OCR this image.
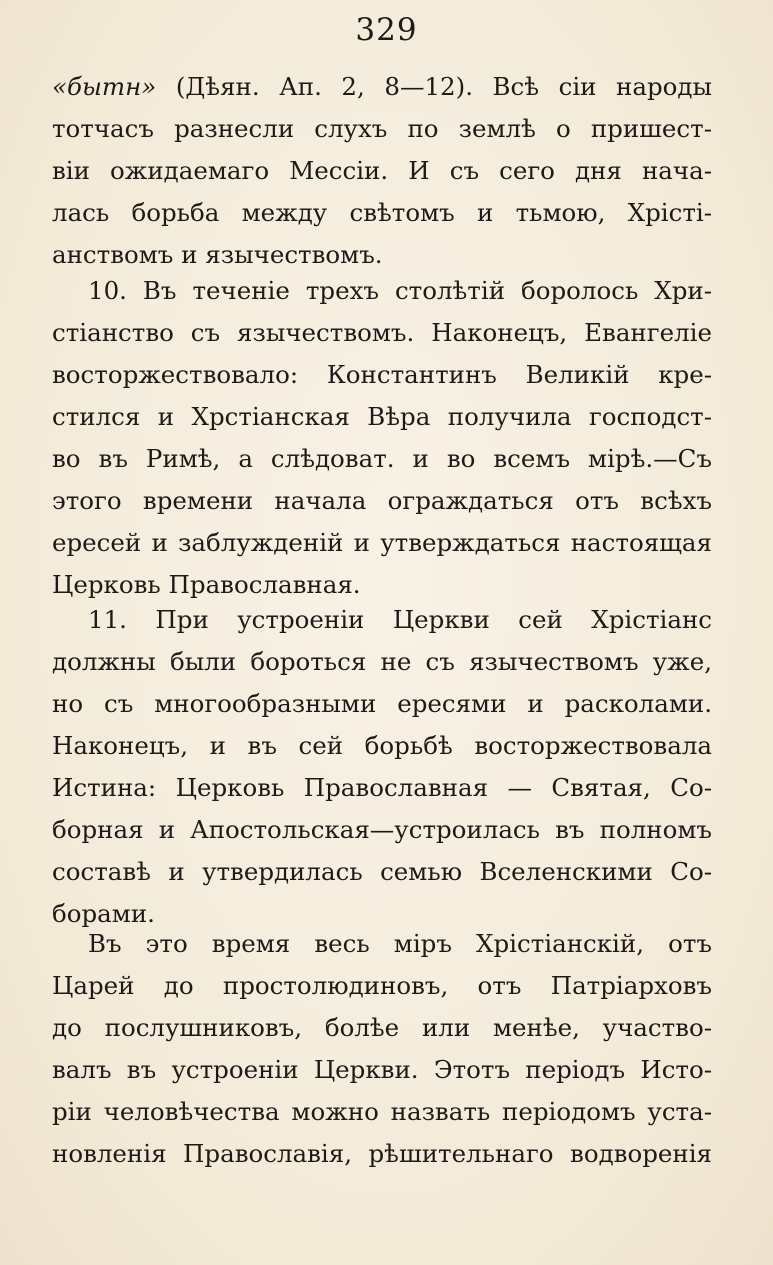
329
«бытн» (Дѣян. Ап. 2, 8—12). Всѣ сіи народы
тотчасъ разнесли слухъ по землѣ о пришест-
віи ожидаемаго Мессіи. И съ сего дня нача-
лась борьба между свѣтомъ и тьмою, Хрісті-
анствомъ и язычествомъ.
10. Въ теченіе трехъ столѣтій боролось Хри-
стіанство съ язычествомъ. Наконецъ, Евангеліе
восторжествовало: Константинъ Великій кре-
стился и Хрстіанская Вѣра получила господст-
во въ Римѣ, а слѣдоват. и во всемъ мірѣ.—Съ
этого времени начала ограждаться отъ всѣхъ
ересей и заблужденій и утверждаться настоящая
Церковь Православная.
11. При устроеніи Церкви сей Хрістіанс
должны были бороться не съ язычествомъ уже,
но съ многообразными ересями и расколами.
Наконецъ, и въ сей борьбѣ восторжествовала
Истина: Церковь Православная — Святая, Со-
борная и Апостольская—устроилась въ полномъ
составѣ и утвердилась семью Вселенскими Со-
борами.
Въ это время весь міръ Хрістіанскій, отъ
Царей до простолюдиновъ, отъ Патріарховъ
до послушниковъ, болѣе или менѣе, участво-
валъ въ устроеніи Церкви. Этотъ періодъ Исто-
ріи человѣчества можно назвать періодомъ уста-
новленія Православія, рѣшительнаго водворенія
